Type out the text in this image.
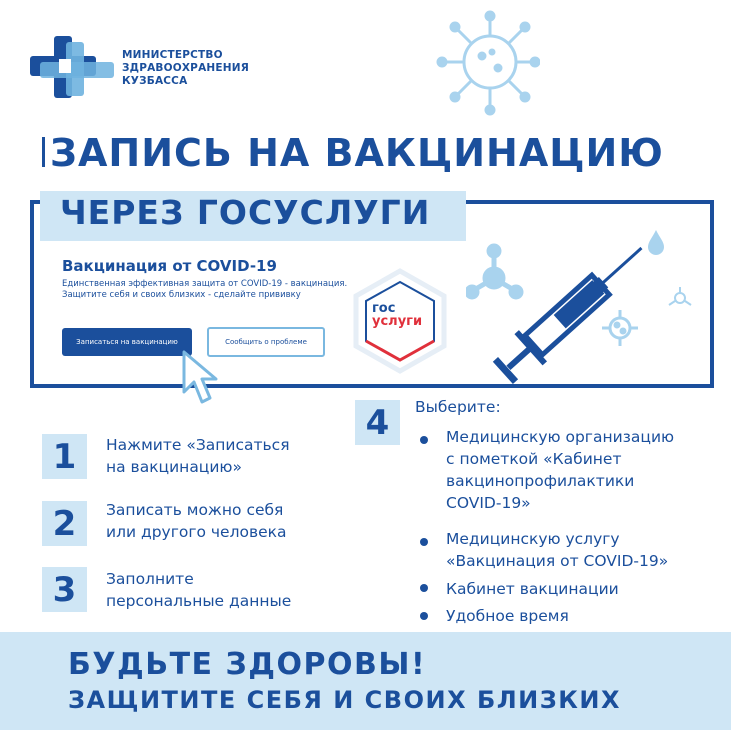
МИНИСТЕРСТВО
ЗДРАВООХРАНЕНИЯ
КУЗБАССА
ЗАПИСЬ НА ВАКЦИНАЦИЮ
ЧЕРЕЗ ГОСУСЛУГИ
Вакцинация от COVID-19
Единственная эффективная защита от COVID-19 - вакцинация. Защитите себя и своих близких - сделайте прививку
Записаться на вакцинацию	Сообщить о проблеме
гос
услуги
1	Нажмите «Записаться
на вакцинацию»
2	Записать можно себя
или другого человека
3	Заполните
персональные данные
4	Выберите:
Медицинскую организацию
с пометкой «Кабинет
вакцинопрофилактики
COVID-19»
Медицинскую услугу
«Вакцинация от COVID-19»
Кабинет вакцинации
Удобное время
БУДЬТЕ ЗДОРОВЫ!
ЗАЩИТИТЕ СЕБЯ И СВОИХ БЛИЗКИХ
